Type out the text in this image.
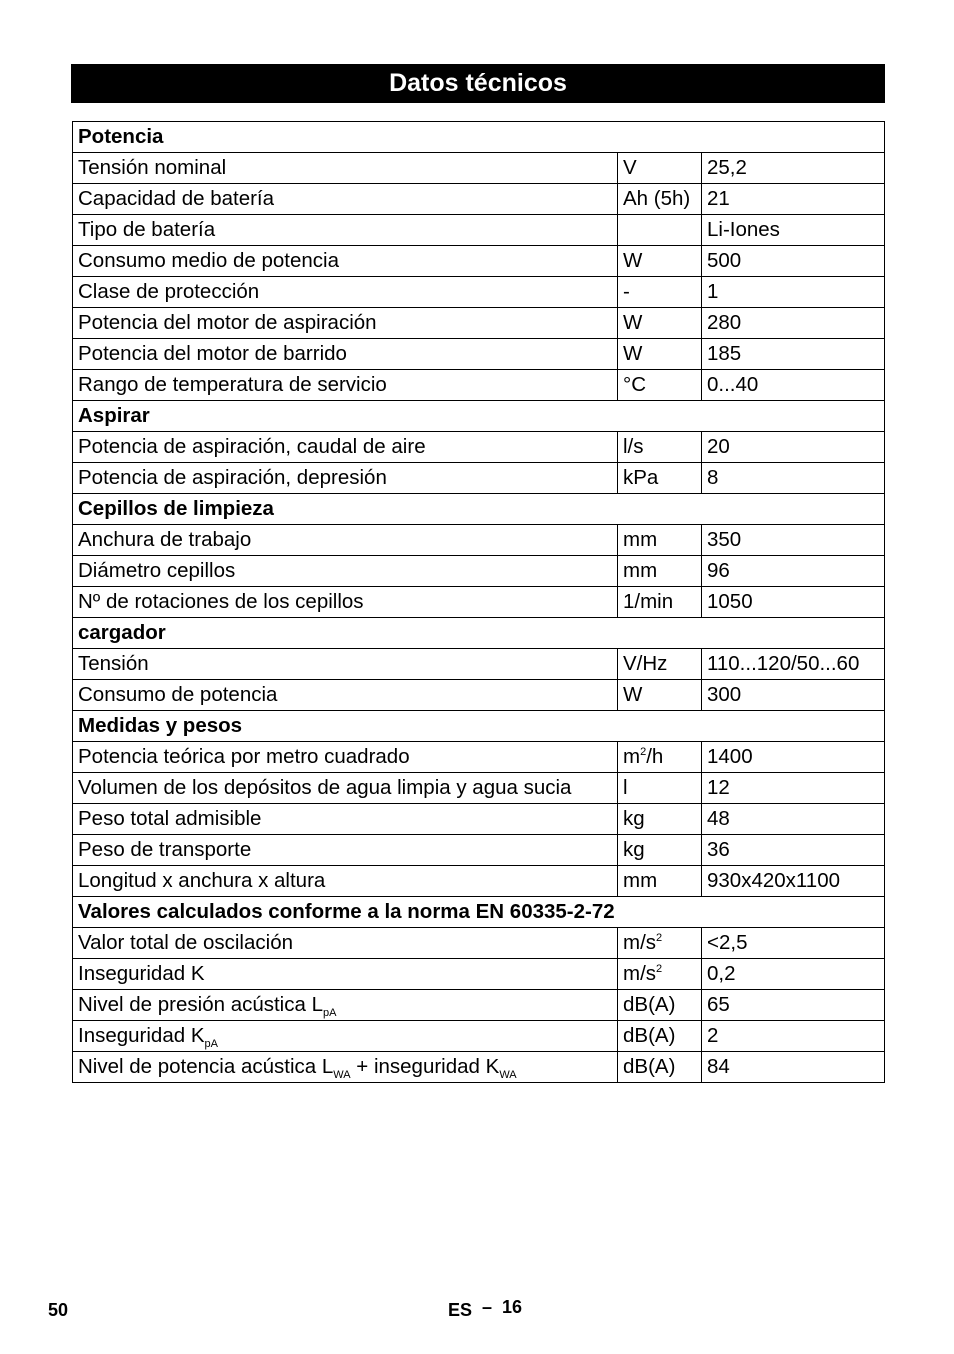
Datos técnicos
Potencia		
Tensión nominal	V	25,2
Capacidad de batería	Ah (5h)	21
Tipo de batería		Li-Iones
Consumo medio de potencia	W	500
Clase de protección	-	1
Potencia del motor de aspiración	W	280
Potencia del motor de barrido	W	185
Rango de temperatura de servicio	°C	0...40
Aspirar		
Potencia de aspiración, caudal de aire	l/s	20
Potencia de aspiración, depresión	kPa	8
Cepillos de limpieza		
Anchura de trabajo	mm	350
Diámetro cepillos	mm	96
Nº de rotaciones de los cepillos	1/min	1050
cargador		
Tensión	V/Hz	110...120/50...60
Consumo de potencia	W	300
Medidas y pesos		
Potencia teórica por metro cuadrado	$m^2/h$	1400
Volumen de los depósitos de agua limpia y agua sucia	l	12
Peso total admisible	kg	48
Peso de transporte	kg	36
Longitud x anchura x altura	mm	930x420x1100
Valores calculados conforme a la norma EN 60335-2-72		
Valor total de oscilación	$m/s^2$	<2,5
Inseguridad K	$m/s^2$	0,2
Nivel de presión acústica $L_{pA}$	dB(A)	65
Inseguridad $K_{pA}$	dB(A)	2
Nivel de potencia acústica $L_{WA}$ + inseguridad $K_{WA}$	dB(A)	84
50	ES – 16
